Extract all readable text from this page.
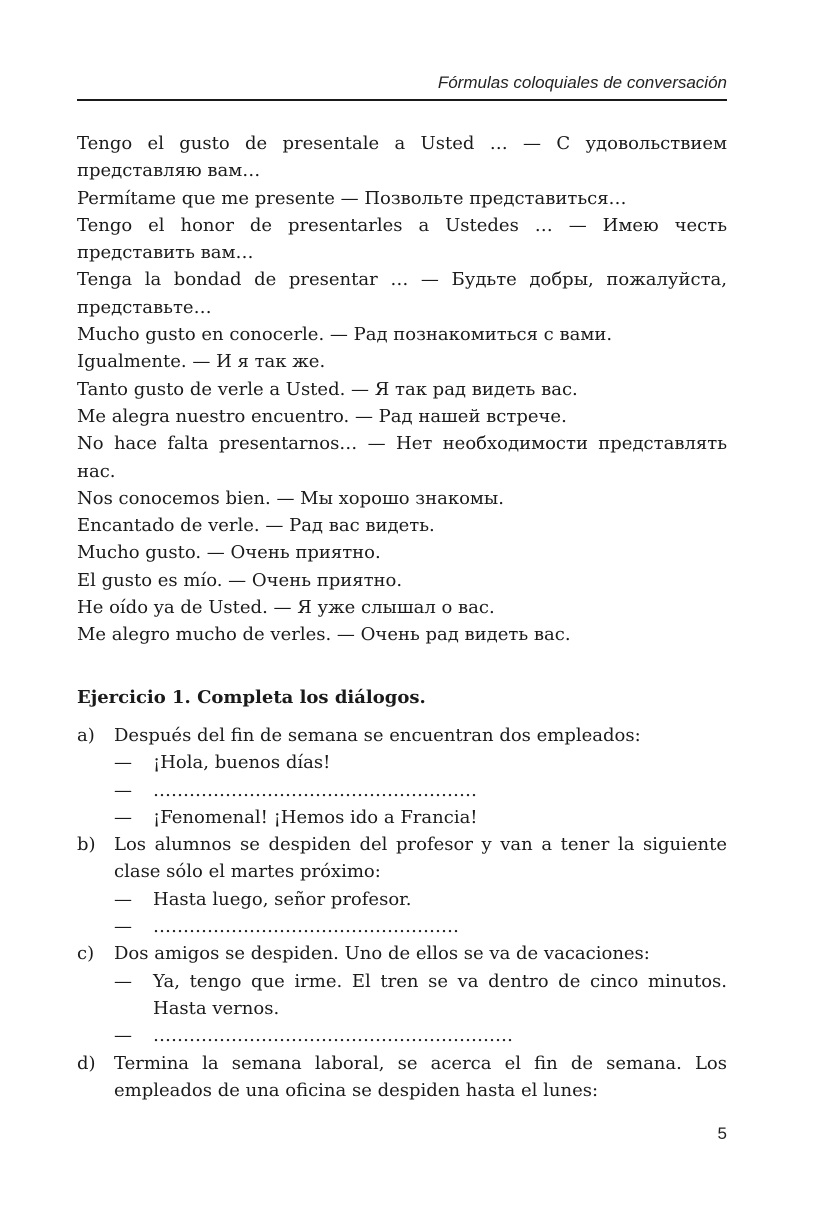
Fórmulas coloquiales de conversación
Tengo el gusto de presentale a Usted … — С удовольствием представляю вам…
Permítame que me presente — Позвольте представиться…
Tengo el honor de presentarles a Ustedes … — Имею честь представить вам…
Tenga la bondad de presentar … — Будьте добры, пожалуйста, представьте…
Mucho gusto en conocerle. — Рад познакомиться с вами.
Igualmente. — И я так же.
Tanto gusto de verle a Usted. — Я так рад видеть вас.
Me alegra nuestro encuentro. — Рад нашей встрече.
No hace falta presentarnos… — Нет необходимости представлять нас.
Nos conocemos bien. — Мы хорошо знакомы.
Encantado de verle. — Рад вас видеть.
Mucho gusto. — Очень приятно.
El gusto es mío. — Очень приятно.
He oído ya de Usted. — Я уже слышал о вас.
Me alegro mucho de verles. — Очень рад видеть вас.
Ejercicio 1. Completa los diálogos.
a)	Después del fin de semana se encuentran dos empleados:
—	¡Hola, buenos días!
—	………………………………………………
—	¡Fenomenal! ¡Hemos ido a Francia!
b)	Los alumnos se despiden del profesor y van a tener la siguiente clase sólo el martes próximo:
—	Hasta luego, señor profesor.
—	……………………………………………
c)	Dos amigos se despiden. Uno de ellos se va de vacaciones:
—	Ya, tengo que irme. El tren se va dentro de cinco minutos. Hasta vernos.
—	……………………………………………………
d)	Termina la semana laboral, se acerca el fin de semana. Los empleados de una oficina se despiden hasta el lunes:
5
